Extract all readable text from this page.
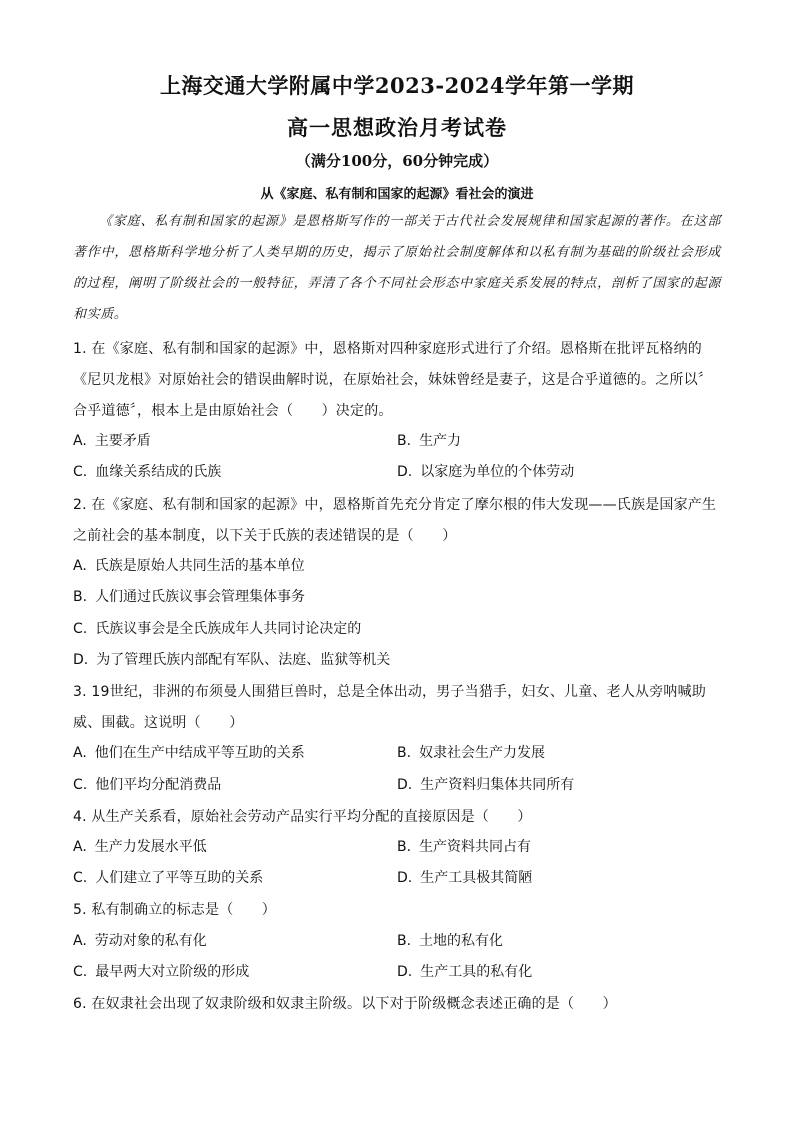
上海交通大学附属中学2023-2024学年第一学期
高一思想政治月考试卷
（满分100分，60分钟完成）
从《家庭、私有制和国家的起源》看社会的演进
《家庭、私有制和国家的起源》是恩格斯写作的一部关于古代社会发展规律和国家起源的著作。在这部著作中，恩格斯科学地分析了人类早期的历史，揭示了原始社会制度解体和以私有制为基础的阶级社会形成的过程，阐明了阶级社会的一般特征，弄清了各个不同社会形态中家庭关系发展的特点，剖析了国家的起源和实质。
1. 在《家庭、私有制和国家的起源》中，恩格斯对四种家庭形式进行了介绍。恩格斯在批评瓦格纳的《尼贝龙根》对原始社会的错误曲解时说，在原始社会，妹妹曾经是妻子，这是合乎道德的。之所以〞合乎道德〞，根本上是由原始社会（　　）决定的。
A. 主要矛盾	B. 生产力
C. 血缘关系结成的氏族	D. 以家庭为单位的个体劳动
2. 在《家庭、私有制和国家的起源》中，恩格斯首先充分肯定了摩尔根的伟大发现——氏族是国家产生之前社会的基本制度，以下关于氏族的表述错误的是（　　）
A. 氏族是原始人共同生活的基本单位
B. 人们通过氏族议事会管理集体事务
C. 氏族议事会是全氏族成年人共同讨论决定的
D. 为了管理氏族内部配有军队、法庭、监狱等机关
3. 19世纪，非洲的布须曼人围猎巨兽时，总是全体出动，男子当猎手，妇女、儿童、老人从旁呐喊助威、围截。这说明（　　）
A. 他们在生产中结成平等互助的关系	B. 奴隶社会生产力发展
C. 他们平均分配消费品	D. 生产资料归集体共同所有
4. 从生产关系看，原始社会劳动产品实行平均分配的直接原因是（　　）
A. 生产力发展水平低	B. 生产资料共同占有
C. 人们建立了平等互助的关系	D. 生产工具极其简陋
5. 私有制确立的标志是（　　）
A. 劳动对象的私有化	B. 土地的私有化
C. 最早两大对立阶级的形成	D. 生产工具的私有化
6. 在奴隶社会出现了奴隶阶级和奴隶主阶级。以下对于阶级概念表述正确的是（　　）
